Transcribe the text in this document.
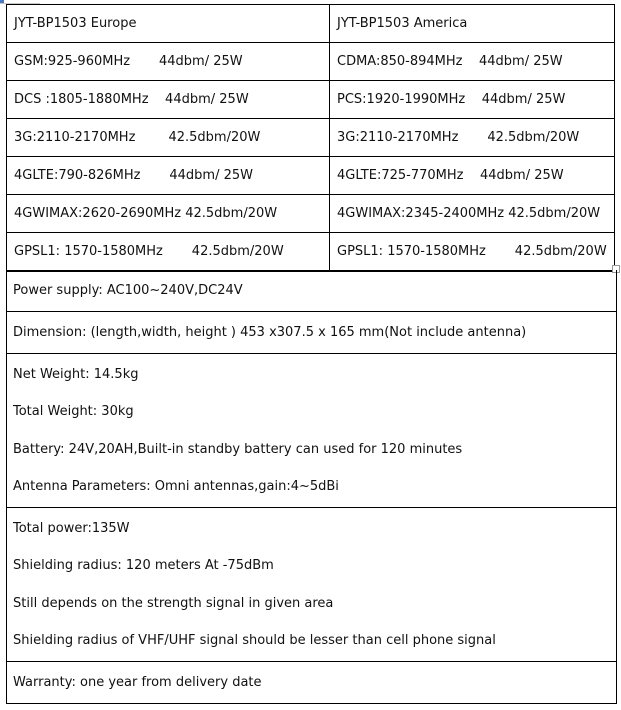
JYT-BP1503 Europe	JYT-BP1503 America
GSM:925-960MHz       44dbm/ 25W	CDMA:850-894MHz    44dbm/ 25W
DCS :1805-1880MHz    44dbm/ 25W	PCS:1920-1990MHz    44dbm/ 25W
3G:2110-2170MHz        42.5dbm/20W	3G:2110-2170MHz       42.5dbm/20W
4GLTE:790-826MHz       44dbm/ 25W	4GLTE:725-770MHz    44dbm/ 25W
4GWIMAX:2620-2690MHz 42.5dbm/20W	4GWIMAX:2345-2400MHz 42.5dbm/20W
GPSL1: 1570-1580MHz       42.5dbm/20W	GPSL1: 1570-1580MHz       42.5dbm/20W
Power supply: AC100~240V,DC24V
Dimension: (length,width, height ) 453 x307.5 x 165 mm(Not include antenna)

Net Weight: 14.5kg
Total Weight: 30kg
Battery: 24V,20AH,Built-in standby battery can used for 120 minutes
Antenna Parameters: Omni antennas,gain:4~5dBi

Total power:135W
Shielding radius: 120 meters At -75dBm
Still depends on the strength signal in given area
Shielding radius of VHF/UHF signal should be lesser than cell phone signal

Warranty: one year from delivery date
